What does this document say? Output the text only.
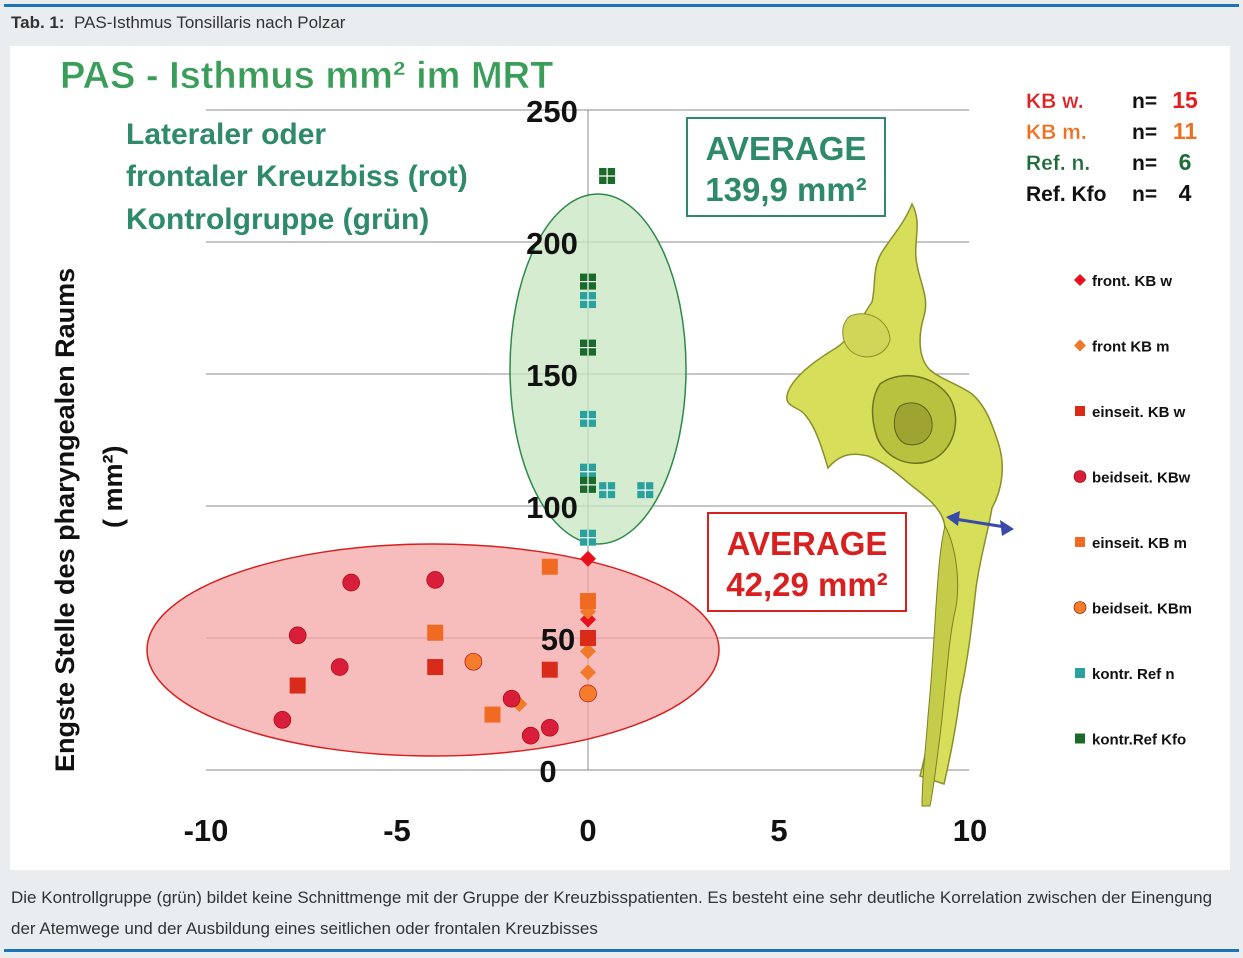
Tab. 1: PAS-Isthmus Tonsillaris nach Polzar
PAS - Isthmus mm² im MRT
Lateraler oder
frontaler Kreuzbiss (rot)
Kontrolgruppe (grün)
Engste Stelle des pharyngealen Raums ( mm²)
0
50
100
150
200
250
-10	-5	0	5	10
AVERAGE
139,9 mm²
AVERAGE
42,29 mm²
KB w. n= 15
KB m. n= 11
Ref. n. n= 6
Ref. Kfo n= 4
front. KB w
front KB m
einseit. KB w
beidseit. KBw
einseit. KB m
beidseit. KBm
kontr. Ref n
kontr.Ref Kfo
Die Kontrollgruppe (grün) bildet keine Schnittmenge mit der Gruppe der Kreuzbisspatienten. Es besteht eine sehr deutliche Korrelation zwischen der Einengung der Atemwege und der Ausbildung eines seitlichen oder frontalen Kreuzbisses
